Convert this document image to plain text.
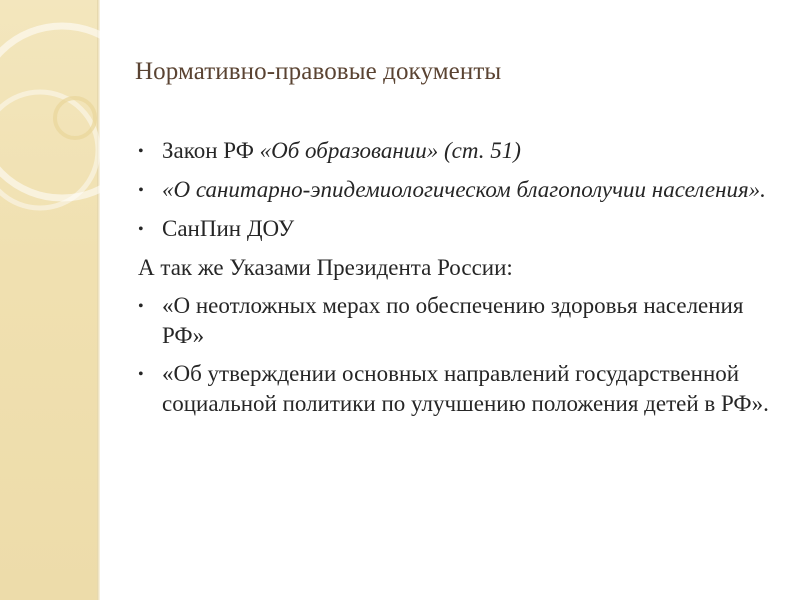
Нормативно-правовые документы

• Закон РФ «Об образовании» (ст. 51)

• «О санитарно-эпидемиологическом благополучии населения».

• СанПин ДОУ

А так же Указами Президента России:

• «О неотложных мерах по обеспечению здоровья населения РФ»

• «Об утверждении основных направлений государственной социальной политики по улучшению положения детей в РФ».
